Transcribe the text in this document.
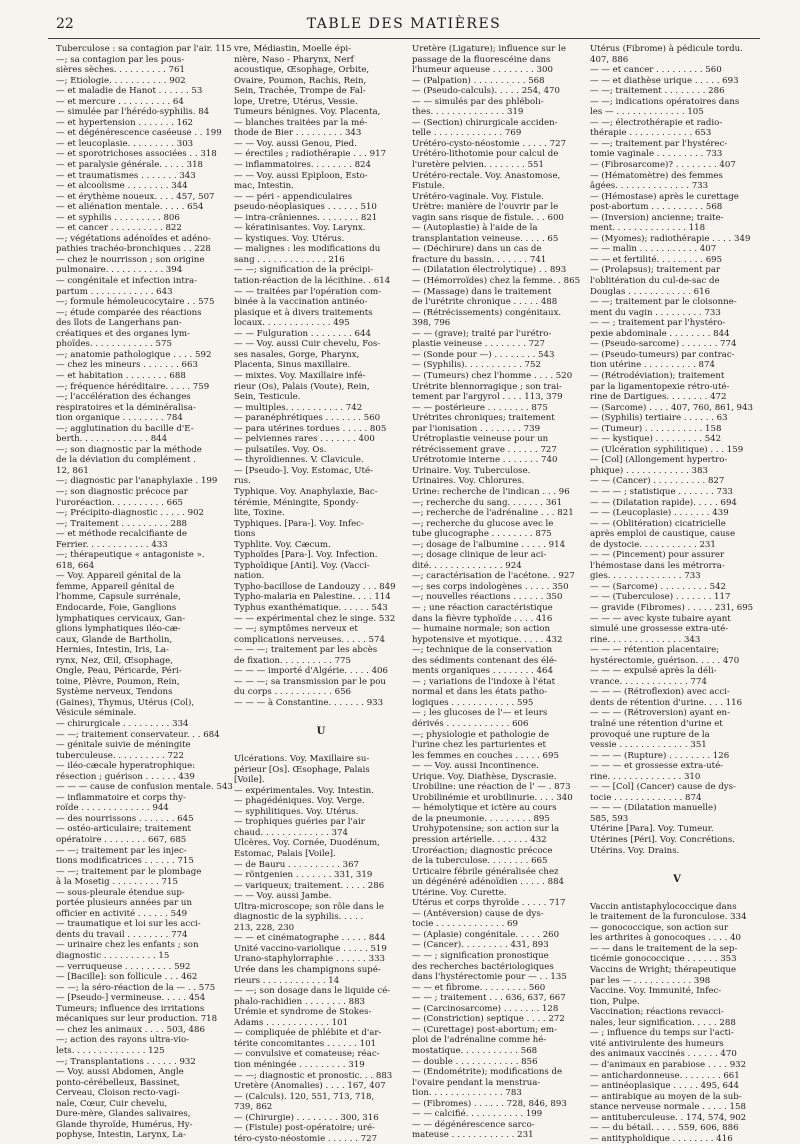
22	TABLE DES MATIÈRES
Tuberculose : sa contagion par l'air. 115
—; sa contagion par les pous-
sières sèches. . . . . . . . . . 761
—; Etiologie. . . . . . . . . . . 902
— et maladie de Hanot . . . . . . 53
— et mercure . . . . . . . . . . 64
— simulée par l'hérédo-syphilis. 84
— et hypertension . . . . . . . 162
— et dégénérescence caséeuse . . 199
— et leucoplasie. . . . . . . . . 303
— et sporotrichoses associées . . 318
— et paralysie générale. . . . . 318
— et traumatismes . . . . . . . 343
— et alcoolisme . . . . . . . . 344
— et érythème noueux. . . . 457, 507
— et aliénation mentale. . . . . 654
— et syphilis . . . . . . . . . 806
— et cancer . . . . . . . . . . 822
—; végétations adénoïdes et adéno-
pathies trachéo-bronchiques . . 228
— chez le nourrisson ; son origine
pulmonaire. . . . . . . . . . . 394
— congénitale et infection intra-
partum . . . . . . . . . . . . 643
—; formule hémoleucocytaire . . 575
—; étude comparée des réactions
des îlots de Langerhans pan-
créatiques et des organes lym-
phoïdes. . . . . . . . . . . . 575
—; anatomie pathologique . . . . 592
— chez les mineurs . . . . . . . 663
— et habitation . . . . . . . . 688
—; fréquence héréditaire. . . . . 759
—; l'accélération des échanges
respiratoires et la déminéralisa-
tion organique . . . . . . . . 784
—; agglutination du bacille d'E-
berth. . . . . . . . . . . . . 844
—; son diagnostic par la méthode
de la déviation du complément .
12, 861
—; diagnostic par l'anaphylaxie . 199
—; son diagnostic précoce par
l'uroréaction. . . . . . . . . . 665
—; Précipito-diagnostic . . . . . 902
—; Traitement . . . . . . . . . 288
— et méthode recalcifiante de
Ferrier. . . . . . . . . . . . 433
—; thérapeutique « antagoniste ».
618, 664
— Voy. Appareil génital de la
femme, Appareil génital de
l'homme, Capsule surrénale,
Endocarde, Foie, Ganglions
lymphatiques cervicaux, Gan-
glions lymphatiques iléo-cæ-
caux, Glande de Bartholin,
Hernies, Intestin, Iris, La-
rynx, Nez, Œil, Œsophage,
Ongle, Peau, Péricarde, Péri-
toine, Plèvre, Poumon, Rein,
Système nerveux, Tendons
(Gaines), Thymus, Utérus (Col),
Vésicule séminale.
— chirurgicale . . . . . . . . . 334
— —; traitement conservateur. . . 684
— génitale suivie de méningite
tuberculeuse. . . . . . . . . . 722
— iléo-cæcale hyperatrophique:
résection ; guérison . . . . . . 439
— — — cause de confusion mentale. 543
— inflammatoire et corps thy-
roïde . . . . . . . . . . . . . 944
— des nourrissons . . . . . . . 645
— ostéo-articulaire; traitement
opératoire . . . . . . . . 667, 685
— —; traitement par les injec-
tions modificatrices . . . . . . 715
— —; traitement par le plombage
à la Mosetig . . . . . . . . . 715
— sous-pleurale étendue sup-
portée plusieurs années par un
officier en activité . . . . . . 549
— traumatique et loi sur les acci-
dents du travail . . . . . . . . 774
— urinaire chez les enfants ; son
diagnostic . . . . . . . . . . 15
— verruqueuse . . . . . . . . . 592
— [Bacille]: son follicule . . . 462
— —; la séro-réaction de la — . . 575
— [Pseudo-] vermineuse. . . . . 454
Tumeurs; influence des irritations
mécaniques sur leur production. 718
— chez les animaux . . . . 503, 486
—; action des rayons ultra-vio-
lets. . . . . . . . . . . . . . 125
—; Transplantations . . . . . . 932
— Voy. aussi Abdomen, Angle
ponto-cérébelleux, Bassinet,
Cerveau, Cloison recto-vagi-
nale, Cœur, Cuir chevelu,
Dure-mère, Glandes salivaires,
Glande thyroïde, Humérus, Hy-
pophyse, Intestin, Larynx, La-
vre, Médiastin, Moelle épi-
nière, Naso - Pharynx, Nerf
acoustique, Œsophage, Orbite,
Ovaire, Poumon, Rachis, Rein,
Sein, Trachée, Trompe de Fal-
lope, Uretre, Utérus, Vessie.
Tumeurs bénignes. Voy. Placenta,
— blanches traitées par la mé-
thode de Bier . . . . . . . . . 343
— — Voy. aussi Genou, Pied.
— érectiles ; radiothérapie . . . 917
— inflammatoires. . . . . . . . 824
— — Voy. aussi Epiploon, Esto-
mac, Intestin.
— — péri - appendiculaires
pseudo-néoplasiques . . . . . . 510
— intra-crâniennes. . . . . . . . 821
— kératinisantes. Voy. Larynx.
— kystiques. Voy. Utérus.
— malignes : les modifications du
sang . . . . . . . . . . . . . 216
— —; signification de la précipi-
tation-réaction de la lécithine. . 614
— — traitées par l'opération com-
binée à la vaccination antinéo-
plasique et à divers traitements
locaux. . . . . . . . . . . . . 495
— — Fulguration . . . . . . . . 644
— — Voy. aussi Cuir chevelu, Fos-
ses nasales, Gorge, Pharynx,
Placenta, Sinus maxillaire.
— mixtes. Voy. Maxillaire infé-
rieur (Os), Palais (Voute), Rein,
Sein, Testicule.
— multiples. . . . . . . . . . . 742
— paranéphrétiques . . . . . . . 560
— para utérines tordues . . . . . 805
— pelviennes rares . . . . . . . 400
— pulsatiles. Voy. Os.
— thyroïdiennes. V. Clavicule.
— [Pseudo-]. Voy. Estomac, Uté-
rus.
Typhique. Voy. Anaphylaxie, Bac-
térémie, Méningite, Spondy-
lite, Toxine.
Typhiques. [Para-]. Voy. Infec-
tions
Typhlite. Voy. Cæcum.
Typhoïdes [Para-]. Voy. Infection.
Typhoïdique [Anti]. Voy. (Vacci-
nation.
Typho-bacillose de Landouzy . . . 849
Typho-malaria en Palestine. . . . 114
Typhus exanthématique. . . . . . 543
— — expérimental chez le singe. 532
— —; symptômes nerveux et
complications nerveuses. . . . . 574
— — —; traitement par les abcès
de fixation. . . . . . . . . . 775
— — — importé d'Algérie. . . . . 406
— — —; sa transmission par le pou
du corps . . . . . . . . . . . 656
— — — à Constantine. . . . . . . 933
U
Ulcérations. Voy. Maxillaire su-
périeur [Os]. Œsophage, Palais
[Voile].
— expérimentales. Voy. Intestin.
— phagédéniques. Voy. Verge.
— syphilitiques. Voy. Utérus.
— trophiques guéries par l'air
chaud. . . . . . . . . . . . . 374
Ulcères. Voy. Cornée, Duodénum,
Estomac, Palais [Voile].
— de Bauru . . . . . . . . . . 367
— röntgenien . . . . . . . 331, 319
— variqueux; traitement. . . . . 286
— — Voy. aussi Jambe.
Ultra-microscope; son rôle dans le
diagnostic de la syphilis. . . . .
213, 228, 230
— — et cinématographe . . . . . 844
Unité vaccino-variolique . . . . . 519
Urano-staphylorraphie . . . . . . 333
Urée dans les champignons supé-
rieurs . . . . . . . . . . . . 14
— —; son dosage dans le liquide cé-
phalo-rachidien . . . . . . . . 883
Urémie et syndrome de Stokes-
Adams . . . . . . . . . . . . 101
— compliquée de phlébite et d'ar-
térite concomitantes . . . . . . 101
— convulsive et comateuse; réac-
tion méningée . . . . . . . . . 319
— —; diagnostic et pronostic. . . 883
Uretère (Anomalies) . . . . 167, 407
— (Calculs). 120, 551, 713, 718,
739, 862
— (Chirurgie) . . . . . . . . 300, 316
— (Fistule) post-opératoire; uré-
téro-cysto-néostomie . . . . . . 727
Uretère (Ligature); influence sur le
passage de la fluorescéine dans
l'humeur aqueuse . . . . . . . . 300
— (Palpation) . . . . . . . . . . 568
— (Pseudo-calculs). . . . . 254, 470
— — simulés par des phlébolı-
thes. . . . . . . . . . . . . . 319
— (Section) chirurgicale acciden-
telle . . . . . . . . . . . . . 769
Urétéro-cysto-néostomie . . . . . 727
Urétéro-lithotomie pour calcul de
l'uretère pelvien. . . . . . . . 551
Urétéro-rectale. Voy. Anastomose,
Fistule.
Urétéro-vaginale. Voy. Fistule.
Urètre: manière de l'ouvrir par le
vagin sans risque de fistule. . . 600
— (Autoplastie) à l'aide de la
transplantation veineuse. . . . . 65
— (Déchirure) dans un cas de
fracture du bassin. . . . . . . 741
— (Dilatation électrolytique) . . 893
— (Hémorroïdes) chez la femme. . 865
— (Massage) dans le traitement
de l'urétrite chronique . . . . . 488
— (Rétrécissements) congénitaux.
398, 796
— — (grave); traité par l'urétro-
plastie veineuse . . . . . . . . 727
— (Sonde pour —) . . . . . . . . 543
— (Syphilis). . . . . . . . . . . 752
— (Tumeurs) chez l'homme . . . . 520
Urétrite blennorragique ; son trai-
tement par l'argyrol . . . . 113, 379
— — postérieure . . . . . . . . 875
Urétrites chroniques; traitement
par l'ionisation . . . . . . . . 739
Urétroplastie veineuse pour un
rétrécissement grave . . . . . . 727
Urétrotomie interne . . . . . . . 740
Urinaire. Voy. Tuberculose.
Urinaires. Voy. Chlorures.
Urine: recherche de l'indican . . . 96
—; recherche du sang. . . . . . . 361
—; recherche de l'adrénaline . . . 821
—; recherche du glucose avec le
tube glucographe . . . . . . . . 875
—; dosage de l'albumine . . . . . 914
—; dosage clinique de leur aci-
dité. . . . . . . . . . . . . . 924
—; caractérisation de l'acétone. . 927
—; ses corps indologènes . . . . . 350
—; nouvelles réactions . . . . . . 350
— ; une réaction caractéristique
dans la fièvre typhoïde . . . . 416
— humaine normale; son action
hypotensive et myotique. . . . . 432
—; technique de la conservation
des sédiments contenant des élé-
ments organiques . . . . . . . . 464
— ; variations de l'indoxe à l'état
normal et dans les états patho-
logiques . . . . . . . . . . . . 595
— ; les glucoses de l'— et leurs
dérivés . . . . . . . . . . . . 606
—; physiologie et pathologie de
l'urine chez les parturientes et
les femmes en couches . . . . . 695
— — Voy. aussi Incontinence.
Urique. Voy. Diathèse, Dyscrasie.
Urobiline: une réaction de l' — . 873
Urobilinémie et urobilinurie. . . . 340
— hémolytique et ictère au cours
de la pneumonie. . . . . . . . . 895
Urohypotensine; son action sur la
pression artérielle. . . . . . . 432
Uroréaction; diagnostic précoce
de la tuberculose. . . . . . . . 665
Urticaire fébrile généralisée chez
un dégénéré adénoïdien . . . . . 884
Utérine. Voy. Curette.
Utérus et corps thyroïde . . . . . 717
— (Antéversion) cause de dys-
tocie . . . . . . . . . . . . . 69
— (Aplasie) congénitale. . . . . 260
— (Cancer). . . . . . . . . 431, 893
— — ; signification pronostique
des recherches bactériologiques
dans l'hystérectomie pour — . . 135
— — et fibrome. . . . . . . . . 560
— — ; traitement . . . 636, 637, 667
— (Carcinosarcome) . . . . . . . 128
— (Constriction) septique . . . . 272
— (Curettage) post-abortum; em-
ploi de l'adrénaline comme hé-
mostatique. . . . . . . . . . . 568
— double . . . . . . . . . . . . 856
— (Endométrite); modifications de
l'ovaire pendant la menstrua-
tion. . . . . . . . . . . . . . 783
— (Fibromes) . . . . . . 728, 846, 893
— — calcifié. . . . . . . . . . . 199
— — dégénérescence sarco-
mateuse . . . . . . . . . . . . 231
Utérus (Fibrome) à pédicule tordu.
407, 886
— — et cancer . . . . . . . . . 560
— — et diathèse urique . . . . . 693
— —; traitement . . . . . . . . 286
— —; indications opératoires dans
les — . . . . . . . . . . . . . 105
— —; électrothérapie et radio-
thérapie . . . . . . . . . . . . 653
— —; traitement par l'hystérec-
tomie vaginale . . . . . . . . . 733
— (Fibrosarcome)? . . . . . . . . 407
— (Hématomètre) des femmes
âgées. . . . . . . . . . . . . . 733
— (Hémostase) après le curettage
post-abortum . . . . . . . . . . 568
— (Inversion) ancienne; traite-
ment. . . . . . . . . . . . . . 118
— (Myomes); radiothérapie . . . . 349
— — malin . . . . . . . . . . . 407
— — et fertilité. . . . . . . . . 695
— (Prolapsus); traitement par
l'oblitération du cul-de-sac de
Douglas . . . . . . . . . . . . 616
— —; traitement par le cloisonne-
ment du vagin . . . . . . . . . 733
— — ; traitement par l'hystéro-
pexie abdominale . . . . . . . . 844
— (Pseudo-sarcome) . . . . . . . 774
— (Pseudo-tumeurs) par contrac-
tion utérine . . . . . . . . . . 874
— (Rétrodéviation); traitement
par la ligamentopexie rétro-uté-
rine de Dartigues. . . . . . . . 472
— (Sarcome) . . . . 407, 760, 861, 943
— (Syphilis) tertiaire . . . . . . 63
— (Tumeur) . . . . . . . . . . . 158
— — kystique) . . . . . . . . . 542
— (Ulcération syphilitique) . . . 159
— [Col] (Allongement hypertro-
phique) . . . . . . . . . . . . 383
— — (Cancer) . . . . . . . . . . 827
— — — ; statistique . . . . . . . 733
— — (Dilatation rapide). . . . . 694
— — (Leucoplasie) . . . . . . . 439
— — (Oblitération) cicatricielle
après emploi de caustique, cause
de dystocie. . . . . . . . . . . 231
— — (Pincement) pour assurer
l'hémostase dans les métrorra-
gies. . . . . . . . . . . . . . 733
— — (Sarcome) . . . . . . . . . 542
— — (Tuberculose) . . . . . . . 117
— gravide (Fibromes) . . . . . 231, 695
— — — avec kyste tubaire ayant
simulé une grossesse extra-uté-
rine. . . . . . . . . . . . . . 343
— — — rétention placentaire;
hystérectomie, guérison. . . . . 470
— — — expulsé après la déli-
vrance. . . . . . . . . . . . . 774
— — — (Rétroflexion) avec acci-
dents de rétention d'urine. . . . 116
— — — (Rétroversion) ayant en-
traîné une rétention d'urine et
provoqué une rupture de la
vessie . . . . . . . . . . . . . 351
— — — (Rupture) . . . . . . . . 126
— — — et grossesse extra-uté-
rine. . . . . . . . . . . . . . 310
— — [Col] (Cancer) cause de dys-
tocie . . . . . . . . . . . . . 874
— — — (Dilatation manuelle)
585, 593
Utérine [Para]. Voy. Tumeur.
Utérines [Péri]. Voy. Concrétions.
Utérins. Voy. Drains.
V
Vaccin antistaphylococcique dans
le traitement de la furonculose. 334
— gonococcique, son action sur
les arthrites à gonocoques . . . . 40
— — dans le traitement de la sep-
ticémie gonococcique . . . . . . 353
Vaccins de Wright; thérapeutique
par les — . . . . . . . . . . . 398
Vaccine. Voy. Immunité, Infec-
tion, Pulpe.
Vaccination; réactions revacci-
nales, leur signification. . . . . 288
— ; influence du temps sur l'acti-
vité antivirulente des humeurs
des animaux vaccinés . . . . . . 470
— d'animaux en parabiose . . . . 932
— antichardonneuse. . . . . . . . 661
— antinéoplasique . . . . . 495, 644
— antirabique au moyen de la sub-
stance nerveuse normale . . . . . 158
— antituberculeuse. . 174, 574, 902
— — du bétail. . . . . 559, 606, 886
— antityphoïdique . . . . . . . . 416
